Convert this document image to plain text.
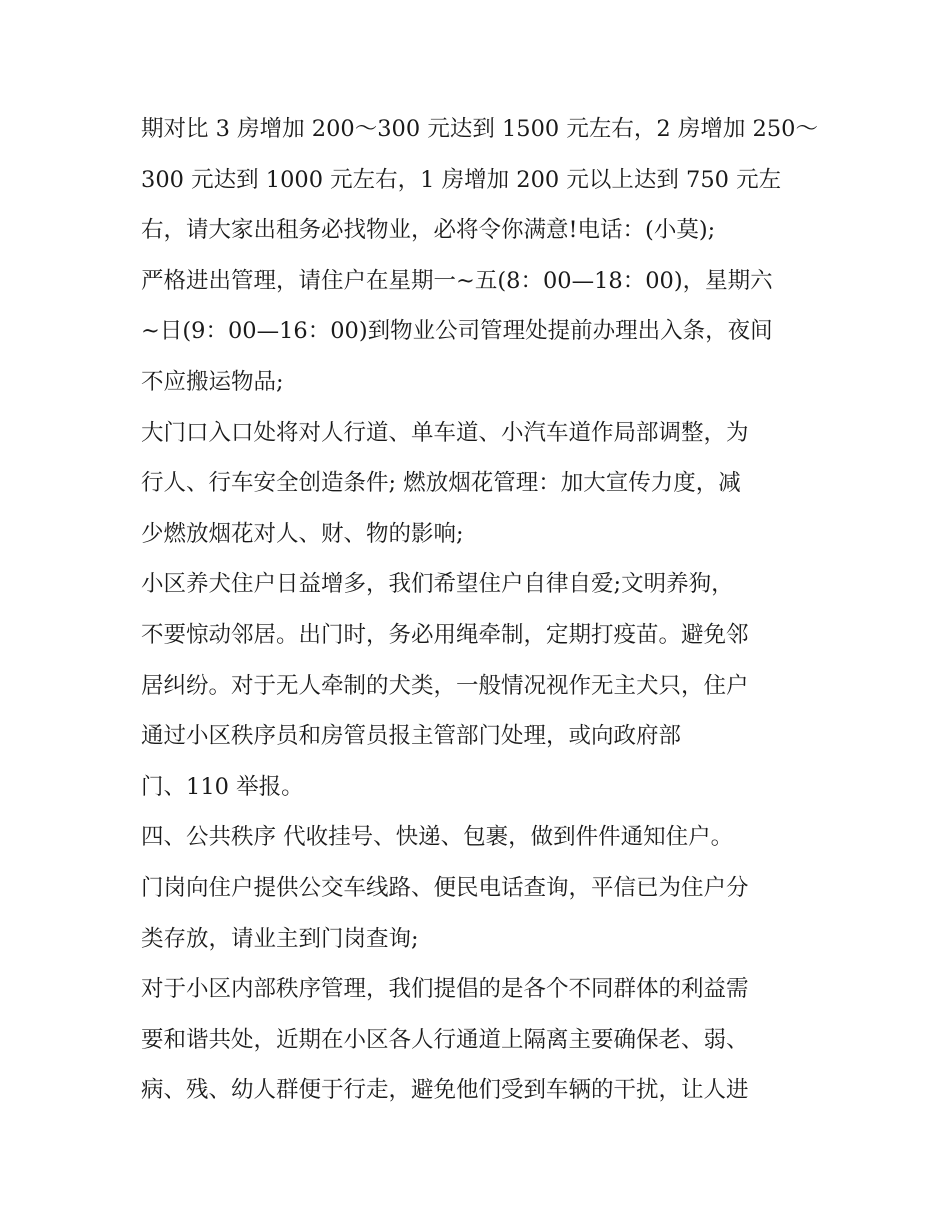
期对比 3 房增加 200～300 元达到 1500 元左右，2 房增加 250～
300 元达到 1000 元左右，1 房增加 200 元以上达到 750 元左
右，请大家出租务必找物业，必将令你满意!电话：(小莫);
严格进出管理，请住户在星期一~五(8：00—18：00)，星期六
~日(9：00—16：00)到物业公司管理处提前办理出入条，夜间
不应搬运物品;
大门口入口处将对人行道、单车道、小汽车道作局部调整，为
行人、行车安全创造条件; 燃放烟花管理：加大宣传力度，减
少燃放烟花对人、财、物的影响;
小区养犬住户日益增多，我们希望住户自律自爱;文明养狗，
不要惊动邻居。出门时，务必用绳牵制，定期打疫苗。避免邻
居纠纷。对于无人牵制的犬类，一般情况视作无主犬只，住户
通过小区秩序员和房管员报主管部门处理，或向政府部
门、110 举报。
四、公共秩序 代收挂号、快递、包裹，做到件件通知住户。
门岗向住户提供公交车线路、便民电话查询，平信已为住户分
类存放，请业主到门岗查询;
对于小区内部秩序管理，我们提倡的是各个不同群体的利益需
要和谐共处，近期在小区各人行通道上隔离主要确保老、弱、
病、残、幼人群便于行走，避免他们受到车辆的干扰，让人进
